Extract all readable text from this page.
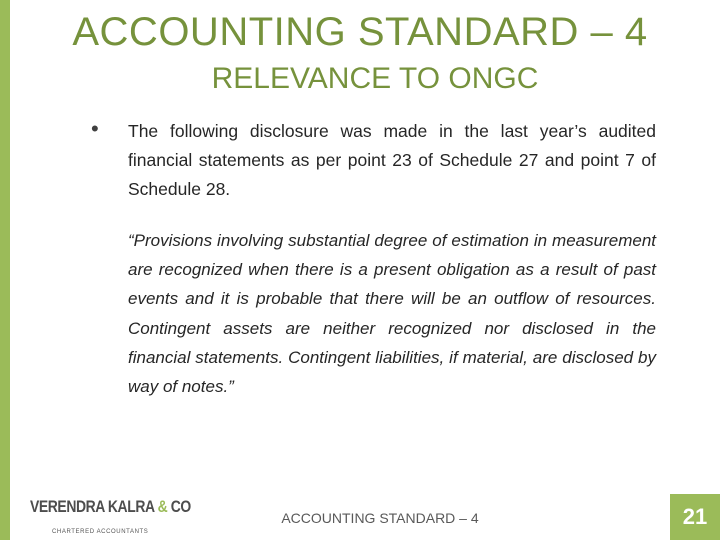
ACCOUNTING STANDARD – 4
RELEVANCE TO ONGC
• The following disclosure was made in the last year’s audited financial statements as per point 23 of Schedule 27 and point 7 of Schedule 28.

“Provisions involving substantial degree of estimation in measurement are recognized when there is a present obligation as a result of past events and it is probable that there will be an outflow of resources. Contingent assets are neither recognized nor disclosed in the financial statements. Contingent liabilities, if material, are disclosed by way of notes.”

VERENDRA KALRA & CO
CHARTERED ACCOUNTANTS
ACCOUNTING STANDARD – 4	21
